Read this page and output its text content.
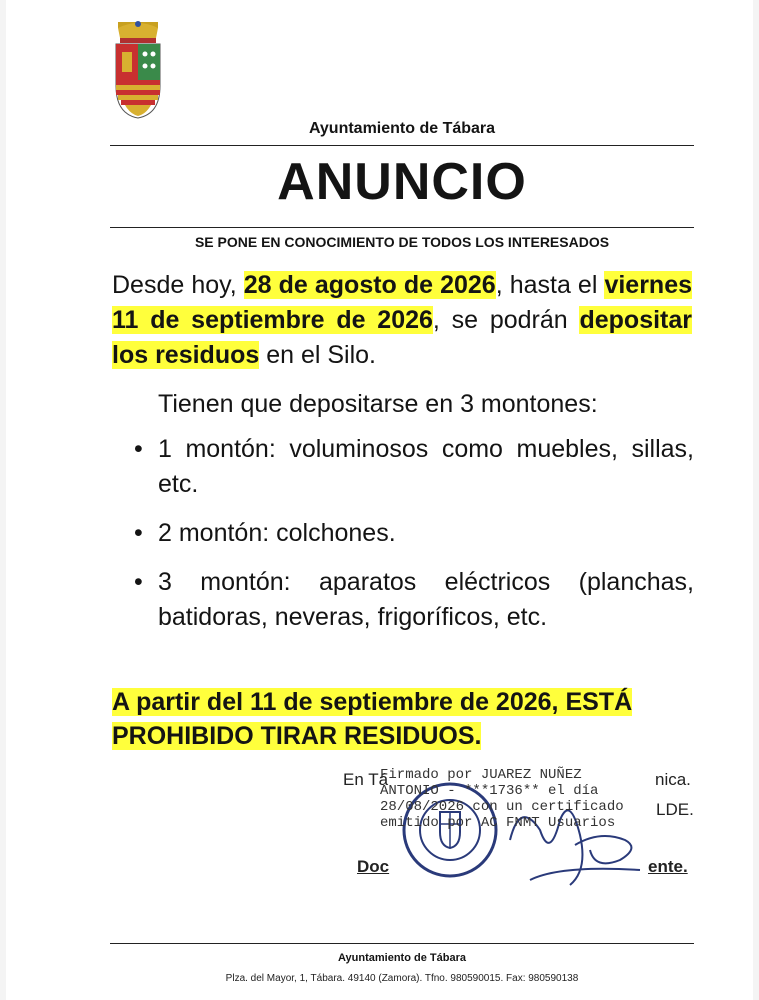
Ayuntamiento de Tábara
ANUNCIO
SE PONE EN CONOCIMIENTO DE TODOS LOS INTERESADOS
Desde hoy, 28 de agosto de 2026, hasta el viernes 11 de septiembre de 2026, se podrán depositar los residuos en el Silo.
Tienen que depositarse en 3 montones:
• 1 montón: voluminosos como muebles, sillas, etc.
• 2 montón: colchones.
• 3 montón: aparatos eléctricos (planchas, batidoras, neveras, frigoríficos, etc.
A partir del 11 de septiembre de 2026, ESTÁ PROHIBIDO TIRAR RESIDUOS.
En Tá	nica.
LDE.
Doc	ente.
Firmado por JUAREZ NUÑEZ
ANTONIO - ***1736** el día
28/08/2026 con un certificado
emitido por AC FNMT Usuarios
Ayuntamiento de Tábara
Plza. del Mayor, 1, Tábara. 49140 (Zamora). Tfno. 980590015. Fax: 980590138
